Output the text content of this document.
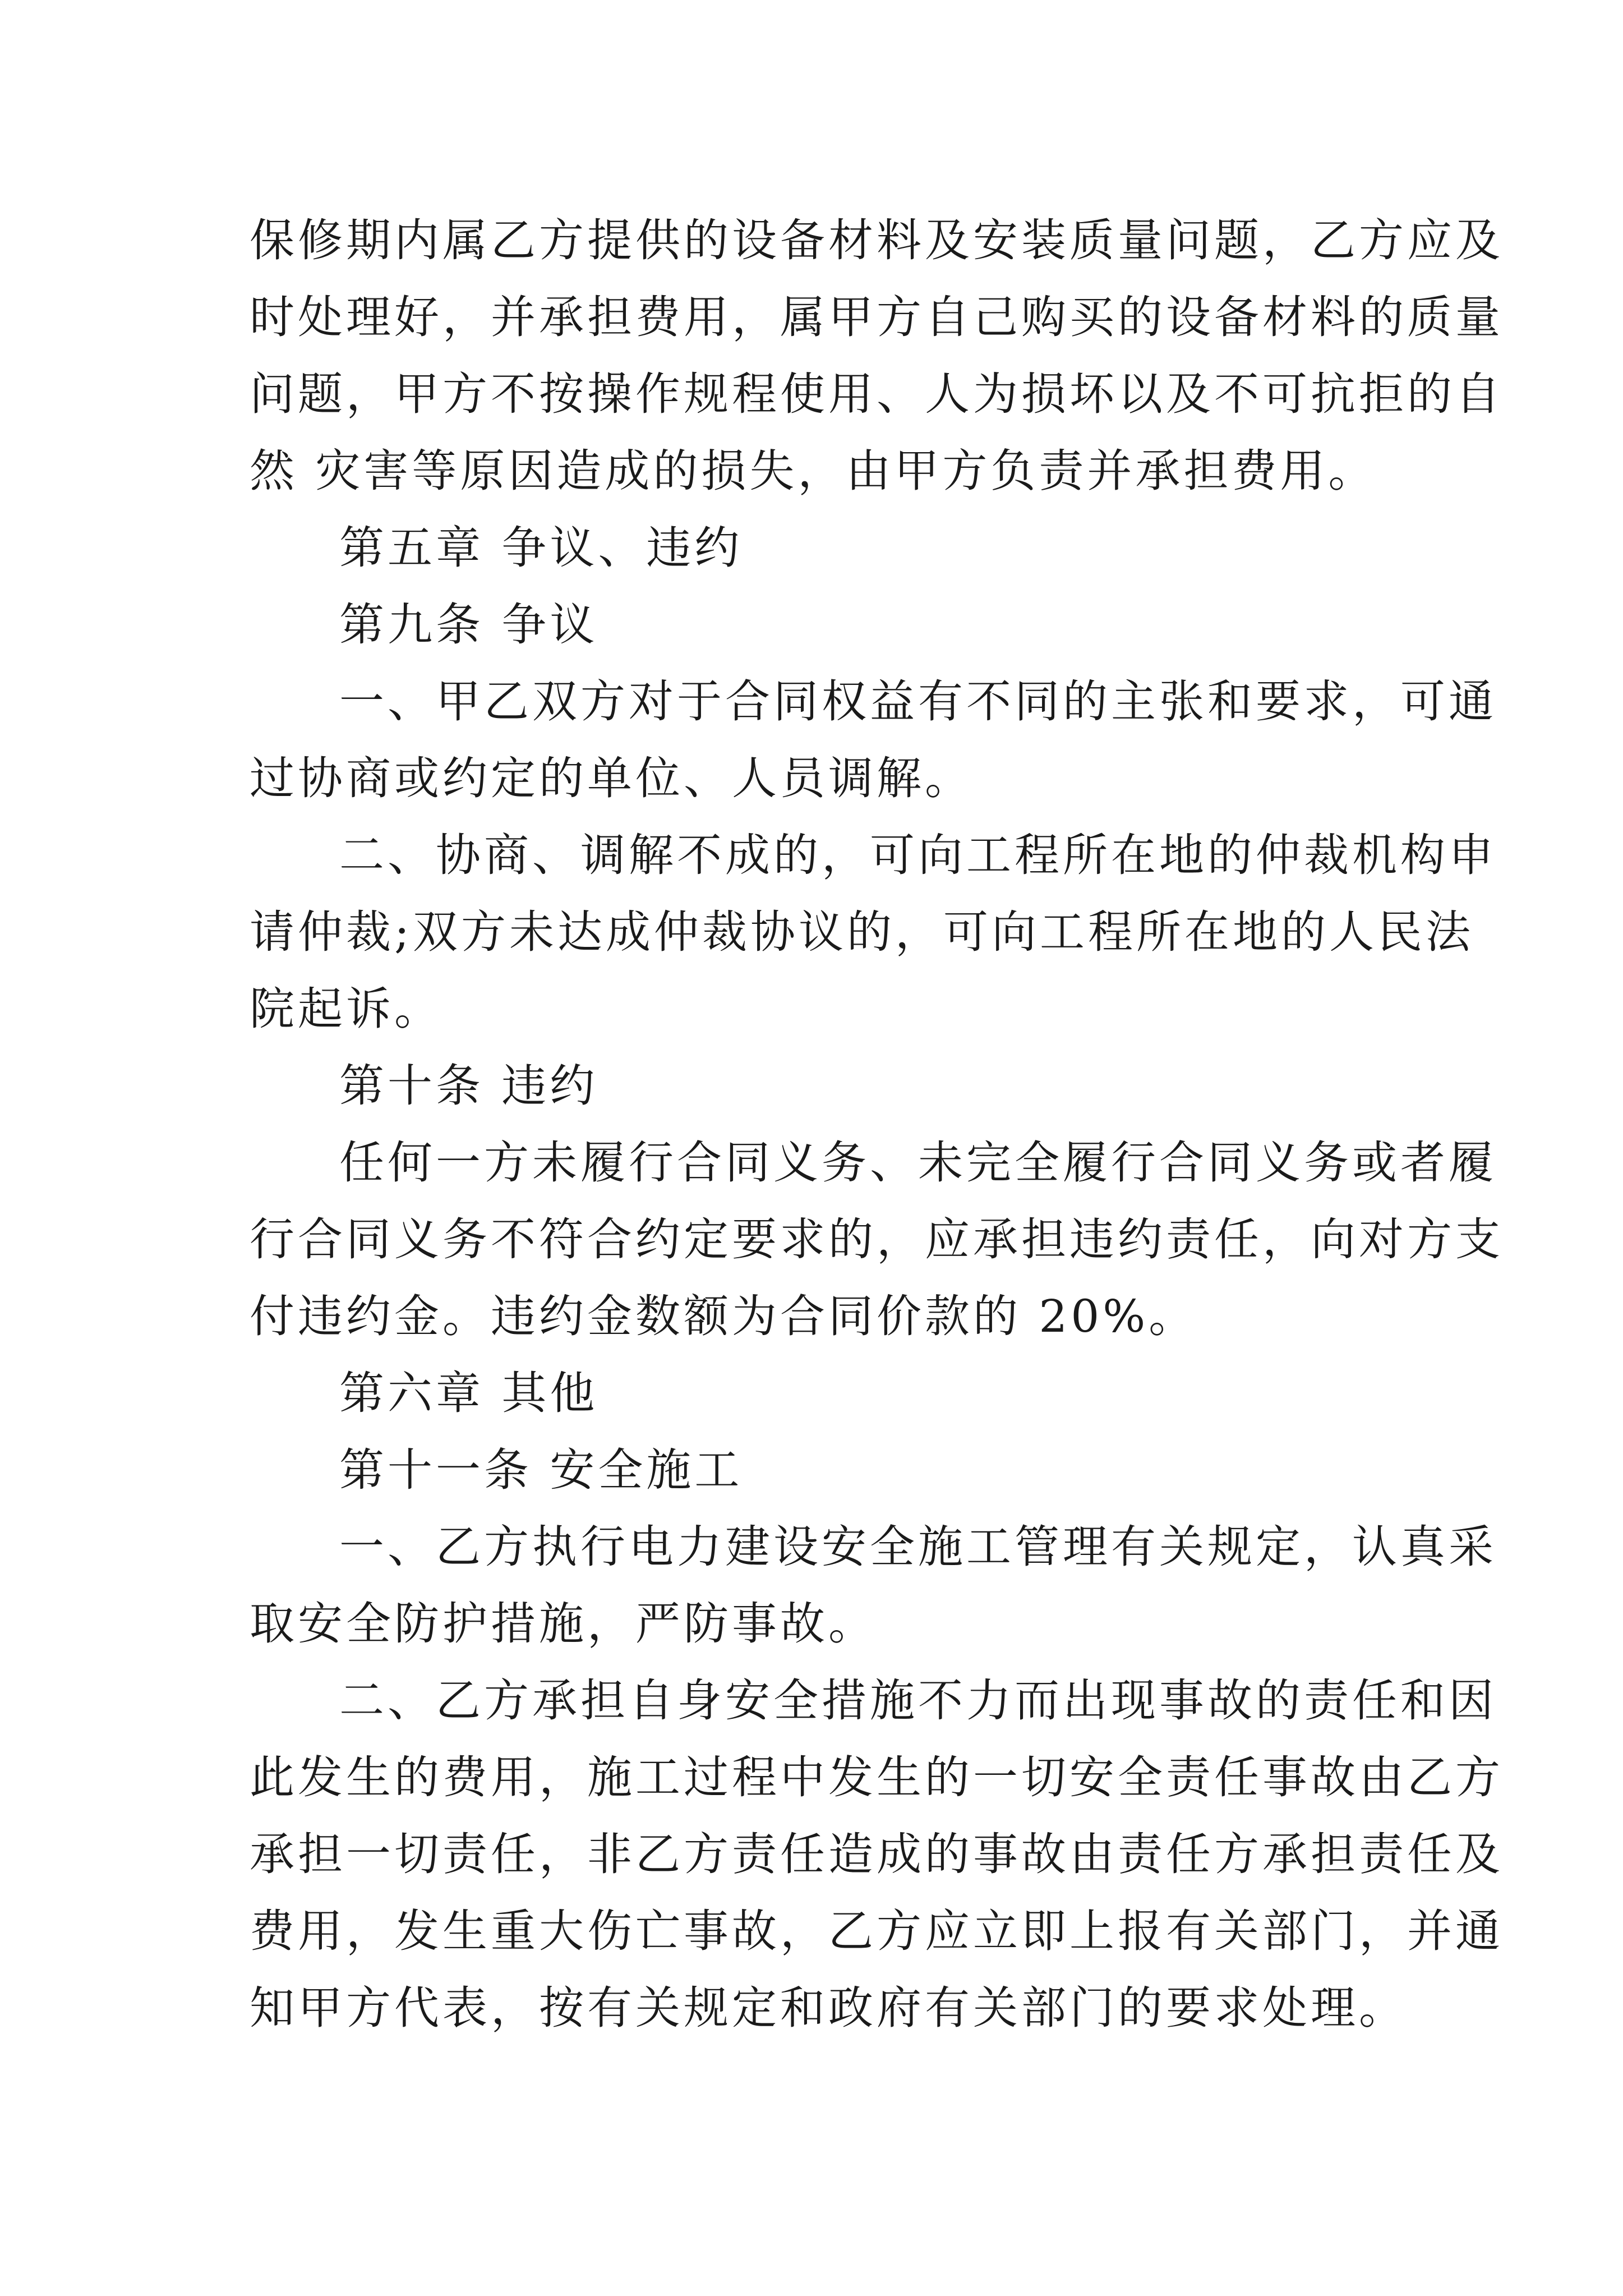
保修期内属乙方提供的设备材料及安装质量问题，乙方应及
时处理好，并承担费用，属甲方自己购买的设备材料的质量
问题，甲方不按操作规程使用、人为损坏以及不可抗拒的自
然 灾害等原因造成的损失，由甲方负责并承担费用。
第五章 争议、违约
第九条 争议
一、甲乙双方对于合同权益有不同的主张和要求，可通
过协商或约定的单位、人员调解。
二、协商、调解不成的，可向工程所在地的仲裁机构申
请仲裁;双方未达成仲裁协议的，可向工程所在地的人民法
院起诉。
第十条 违约
任何一方未履行合同义务、未完全履行合同义务或者履
行合同义务不符合约定要求的，应承担违约责任，向对方支
付违约金。违约金数额为合同价款的 20%。
第六章 其他
第十一条 安全施工
一、乙方执行电力建设安全施工管理有关规定，认真采
取安全防护措施，严防事故。
二、乙方承担自身安全措施不力而出现事故的责任和因
此发生的费用，施工过程中发生的一切安全责任事故由乙方
承担一切责任，非乙方责任造成的事故由责任方承担责任及
费用，发生重大伤亡事故，乙方应立即上报有关部门，并通
知甲方代表，按有关规定和政府有关部门的要求处理。
